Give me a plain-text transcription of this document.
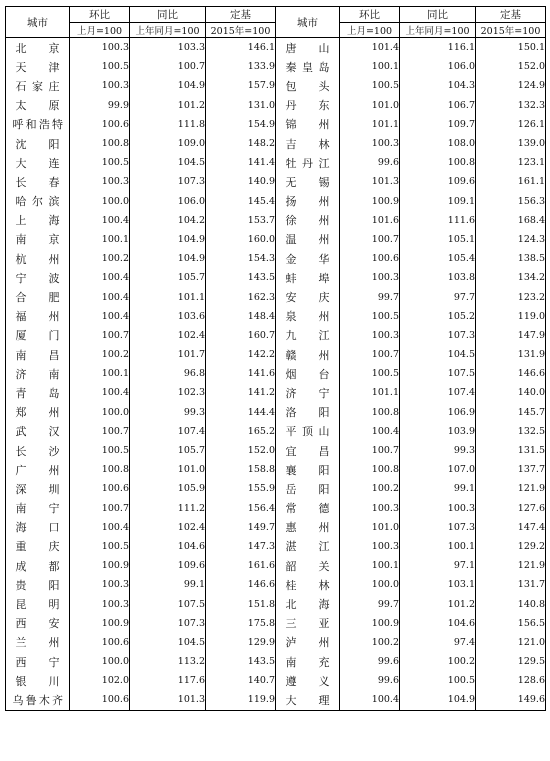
城市	环比	同比	定基	城市	环比	同比	定基
	上月=100	上年同月=100	2015年=100		上月=100	上年同月=100	2015年=100
北京	100.3	103.3	146.1	唐山	101.4	116.1	150.1
天津	100.5	100.7	133.9	秦皇岛	100.1	106.0	152.0
石家庄	100.3	104.9	157.9	包头	100.5	104.3	124.9
太原	99.9	101.2	131.0	丹东	101.0	106.7	132.3
呼和浩特	100.6	111.8	154.9	锦州	101.1	109.7	126.1
沈阳	100.8	109.0	148.2	吉林	100.3	108.0	139.0
大连	100.5	104.5	141.4	牡丹江	99.6	100.8	123.1
长春	100.3	107.3	140.9	无锡	101.3	109.6	161.1
哈尔滨	100.0	106.0	145.4	扬州	100.9	109.1	156.3
上海	100.4	104.2	153.7	徐州	101.6	111.6	168.4
南京	100.1	104.9	160.0	温州	100.7	105.1	124.3
杭州	100.2	104.9	154.3	金华	100.6	105.4	138.5
宁波	100.4	105.7	143.5	蚌埠	100.3	103.8	134.2
合肥	100.4	101.1	162.3	安庆	99.7	97.7	123.2
福州	100.4	103.6	148.4	泉州	100.5	105.2	119.0
厦门	100.7	102.4	160.7	九江	100.3	107.3	147.9
南昌	100.2	101.7	142.2	赣州	100.7	104.5	131.9
济南	100.1	96.8	141.6	烟台	100.5	107.5	146.6
青岛	100.4	102.3	141.2	济宁	101.1	107.4	140.0
郑州	100.0	99.3	144.4	洛阳	100.8	106.9	145.7
武汉	100.7	107.4	165.2	平顶山	100.4	103.9	132.5
长沙	100.5	105.7	152.0	宜昌	100.7	99.3	131.5
广州	100.8	101.0	158.8	襄阳	100.8	107.0	137.7
深圳	100.6	105.9	155.9	岳阳	100.2	99.1	121.9
南宁	100.7	111.2	156.4	常德	100.3	100.3	127.6
海口	100.4	102.4	149.7	惠州	101.0	107.3	147.4
重庆	100.5	104.6	147.3	湛江	100.3	100.1	129.2
成都	100.9	109.6	161.6	韶关	100.1	97.1	121.9
贵阳	100.3	99.1	146.6	桂林	100.0	103.1	131.7
昆明	100.3	107.5	151.8	北海	99.7	101.2	140.8
西安	100.9	107.3	175.8	三亚	100.9	104.6	156.5
兰州	100.6	104.5	129.9	泸州	100.2	97.4	121.0
西宁	100.0	113.2	143.5	南充	99.6	100.2	129.5
银川	102.0	117.6	140.7	遵义	99.6	100.5	128.6
乌鲁木齐	100.6	101.3	119.9	大理	100.4	104.9	149.6
